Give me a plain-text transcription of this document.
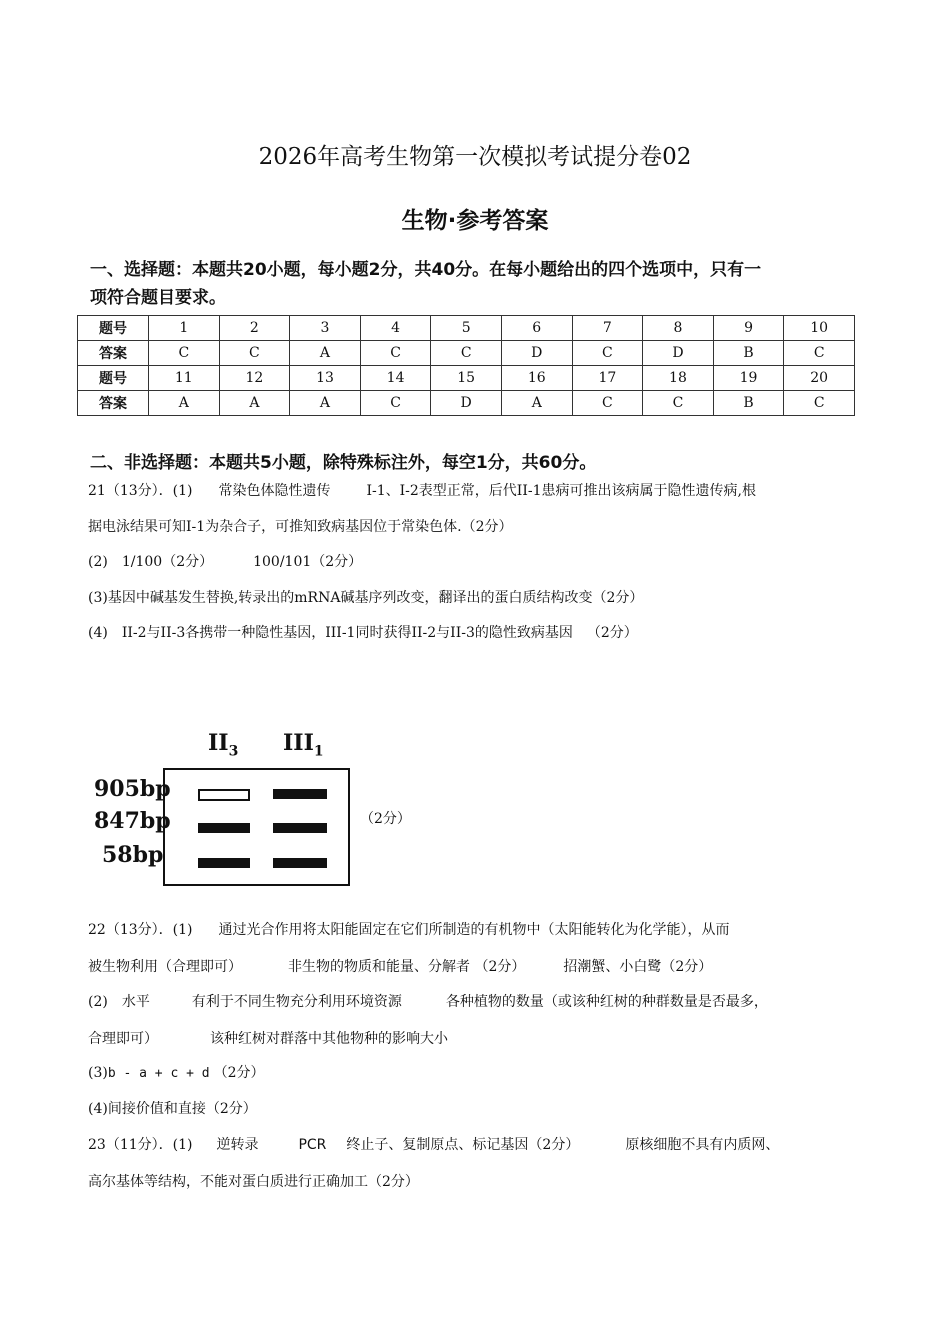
2026年高考生物第一次模拟考试提分卷02
生物·参考答案
一、选择题：本题共20小题，每小题2分，共40分。在每小题给出的四个选项中，只有一
项符合题目要求。
题号	1	2	3	4	5	6	7	8	9	10
答案	C	C	A	C	C	D	C	D	B	C
题号	11	12	13	14	15	16	17	18	19	20
答案	A	A	A	C	D	A	C	C	B	C
二、非选择题：本题共5小题，除特殊标注外，每空1分，共60分。
21（13分）．(1) 常染色体隐性遗传	I-1、I-2表型正常，后代II-1患病可推出该病属于隐性遗传病,根
据电泳结果可知I-1为杂合子，可推知致病基因位于常染色体.（2分）
(2) 1/100（2分）	100/101（2分）
(3)基因中碱基发生替换,转录出的mRNA碱基序列改变，翻译出的蛋白质结构改变（2分）
(4) II-2与II-3各携带一种隐性基因，III-1同时获得II-2与II-3的隐性致病基因 （2分）
$II_3$ $III_1$
905bp
847bp
58bp
（2分）
22（13分）．(1) 通过光合作用将太阳能固定在它们所制造的有机物中（太阳能转化为化学能），从而
被生物利用（合理即可）	非生物的物质和能量、分解者 （2分）	招潮蟹、小白鹭（2分）
(2) 水平	有利于不同生物充分利用环境资源	各种植物的数量（或该种红树的种群数量是否最多，
合理即可）	该种红树对群落中其他物种的影响大小
(3)b - a + c + d （2分）
(4)间接价值和直接（2分）
23（11分）．(1) 逆转录	PCR 终止子、复制原点、标记基因（2分）	原核细胞不具有内质网、
高尔基体等结构，不能对蛋白质进行正确加工（2分）
